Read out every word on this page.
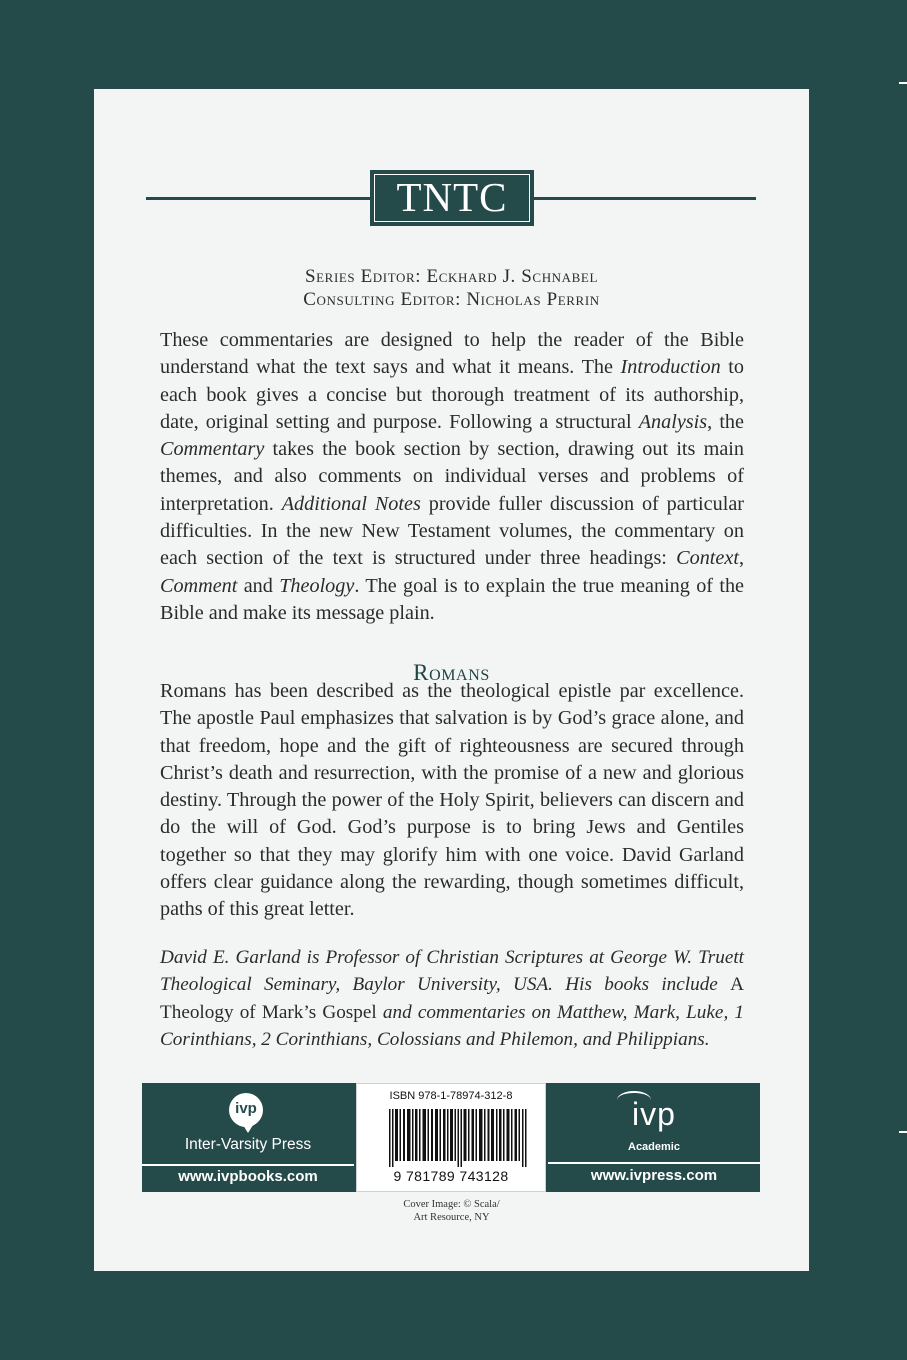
TNTC
Series Editor: Eckhard J. Schnabel
Consulting Editor: Nicholas Perrin
These commentaries are designed to help the reader of the Bible understand what the text says and what it means. The Introduction to each book gives a concise but thorough treatment of its authorship, date, original setting and purpose. Following a structural Analysis, the Commentary takes the book section by section, drawing out its main themes, and also comments on individual verses and problems of interpretation. Additional Notes provide fuller discussion of particular difficulties. In the new New Testament volumes, the commentary on each section of the text is structured under three headings: Context, Comment and Theology. The goal is to explain the true meaning of the Bible and make its message plain.
Romans
Romans has been described as the theological epistle par excellence. The apostle Paul emphasizes that salvation is by God’s grace alone, and that freedom, hope and the gift of righteousness are secured through Christ’s death and resurrection, with the promise of a new and glorious destiny. Through the power of the Holy Spirit, believers can discern and do the will of God. God’s purpose is to bring Jews and Gentiles together so that they may glorify him with one voice. David Garland offers clear guidance along the rewarding, though sometimes difficult, paths of this great letter.
David E. Garland is Professor of Christian Scriptures at George W. Truett Theological Seminary, Baylor University, USA. His books include A Theology of Mark’s Gospel and commentaries on Matthew, Mark, Luke, 1 Corinthians, 2 Corinthians, Colossians and Philemon, and Philippians.
ivp
Inter-Varsity Press
www.ivpbooks.com
ISBN 978-1-78974-312-8
9 781789 743128
ivp
Academic
www.ivpress.com
Cover Image: © Scala/
Art Resource, NY
